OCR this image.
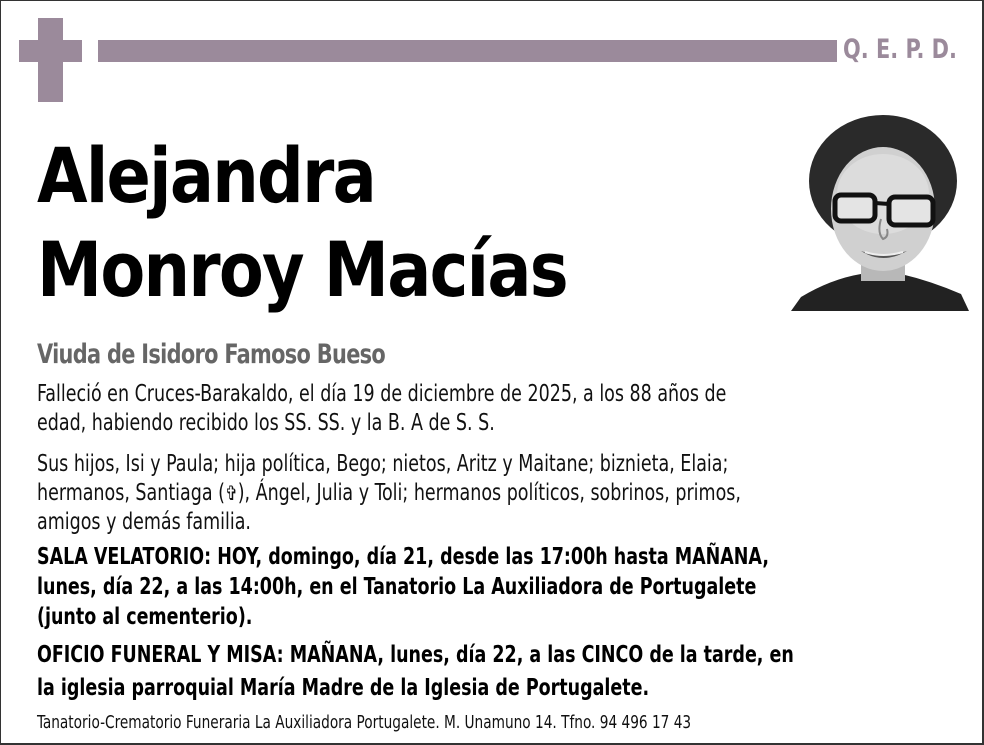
Q. E. P. D.
Alejandra
Monroy Macías
Viuda de Isidoro Famoso Bueso
Falleció en Cruces-Barakaldo, el día 19 de diciembre de 2025, a los 88 años de
edad, habiendo recibido los SS. SS. y la B. A de S. S.
Sus hijos, Isi y Paula; hija política, Bego; nietos, Aritz y Maitane; biznieta, Elaia;
hermanos, Santiaga (✞), Ángel, Julia y Toli; hermanos políticos, sobrinos, primos,
amigos y demás familia.
SALA VELATORIO: HOY, domingo, día 21, desde las 17:00h hasta MAÑANA,
lunes, día 22, a las 14:00h, en el Tanatorio La Auxiliadora de Portugalete
(junto al cementerio).
OFICIO FUNERAL Y MISA: MAÑANA, lunes, día 22, a las CINCO de la tarde, en
la iglesia parroquial María Madre de la Iglesia de Portugalete.
Tanatorio-Crematorio Funeraria La Auxiliadora Portugalete. M. Unamuno 14. Tfno. 94 496 17 43
